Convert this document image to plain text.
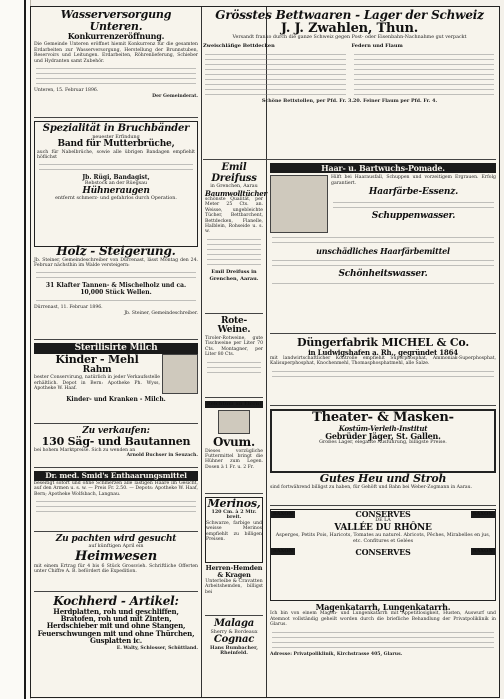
Wasserversorgung Unteren.
Konkurrenzeröffnung.
Die Gemeinde Unteren eröffnet hiemit Konkurrenz für die gesamten Erdarbeiten zur Wasserversorgung, Herstellung der Brunnstuben, Reservoirs und Leitungen. Erdarbeiten, Röhrenlieferung, Schieber und Hydranten samt Zubehör.
Unteren, 15. Februar 1896.
Der Gemeinderat.
Spezialität in Bruchbänder
neuester Erfindung
Band für Mutterbrüche,
auch für Nabelbrüche, sowie alle übrigen Bandagen empfiehlt höflichst
Jb. Rügi, Bandagist,
Rebstock an der Rüegsau
Hühneraugen
entfernt schmerz- und gefahrlos durch Operation.
Holz - Steigerung.
Jb. Steiner, Gemeindeschreiber von Dürrenast, lässt Montag den 24. Februar nächsthin im Walde versteigern:
31 Klafter Tannen- & Mischelholz und ca.
10,000 Stück Wellen.
Dürrenast, 11. Februar 1896.
Jb. Steiner, Gemeindeschreiber.
Sterilisirte Milch
Kinder - Mehl
Rahm
bester Conservirung, natürlich in jeder Verkaufsstelle erhältlich. Depot in Bern: Apotheke Ph. Wyss, Apotheke W. Haaf.
Kinder- und Kranken - Milch.
Zu verkaufen:
130 Säg- und Bautannen
bei hohem Marktpreise. Sich zu wenden an
Arnold Buchser in Seuzach.
Dr. med. Smid's Enthaarungsmittel
beseitigt sofort und ohne Schmerzen alle lästigen Haare im Gesicht, auf den Armen u. s. w. — Preis Fr. 2.50. — Depots: Apotheke W. Haaf, Bern; Apotheke Wolfsbach, Langnau.
Zu pachten wird gesucht
auf künftigen April ein
Heimwesen
mit einem Ertrag für 4 bis 6 Stück Grossvieh. Schriftliche Offerten unter Chiffre A. B. befördert die Expedition.
Kochherd - Artikel:
Herdplatten, roh und geschliffen,
Bratofen, roh und mit Zinten,
Herdschieber mit und ohne Stangen,
Feuerschwungen mit und ohne Thürchen,
Gusplatten ic.
E. Walty, Schlosser, Schüttland.
Emil Dreifuss
in Grenchen, Aarau
Baumwolltücher
schönste Qualität, per Meter 25 Cts. an. Weisse, ungebleichte Tücher, Bettbarchent, Bettdecken, Flanelle, Halblein, Rohseide u. s. w.
Emil Dreifuss in Grenchen, Aarau.
Rote-Weine.
Tiroler-Rotweine, gute Tischweine per Liter 70 Cts. Montagner, per Liter 80 Cts.
Reichtum an Eiern!
Ovum.
Dieses vorzügliche Futtermittel bringt die Hühner zum Legen. Dosen à 1 Fr. u. 2 Fr.
Merinos,
120 Cm. à 2 Mtr. breit.
Schwarze, farbige und weisse Merinos empfiehlt zu billigen Preisen.
Herren-Hemden & Kragen
Unterleibe & Cravatten
Arbeitshemden, billigst bei
Malaga
Sherry & Bordeaux
Cognac
Hans Bumbacher, Rheinfeld.
Grösstes Bettwaaren - Lager der Schweiz
J. J. Zwahlen, Thun.
Versandt franko durch die ganze Schweiz gegen Post- oder Eisenbahn-Nachnahme gut verpackt
Zweischläfige Bettdecken	Federn und Flaum
Schöne Bettstollen, per Pfd. Fr. 3.20. Feiner Flaum per Pfd. Fr. 4.
Haar- u. Bartwuchs-Pomade.
Hilft bei Haarausfall, Schuppen und vorzeitigem Ergrauen. Erfolg garantiert.
Haarfärbe-Essenz.
Schuppenwasser.
unschädliches Haarfärbemittel
Schönheitswasser.
Düngerfabrik MICHEL & Co.
in Ludwigshafen a. Rh., gegründet 1864
mit landwirtschaftlicher Kontrolle empfiehlt Superphosphat, Ammoniak-Superphosphat, Kalisuperphosphat, Knochenmehl, Thomasphosphatmehl, alle Salze.
Theater- & Masken-
Kostüm-Verleih-Institut
Gebrüder Jäger, St. Gallen.
Großes Lager, elegante Ausführung, billigste Preise.
Gutes Heu und Stroh
sind fortwährend billigst zu haben, für Gehöft und Bahn bei Weber-Zogmann in Aarau.
SAXON	CONSERVES	SAXON
DE LA
VALLÉE DU RHÔNE
Asperges, Petits Pois, Haricots, Tomates au naturel. Abricots, Pêches, Mirabelles en jus, etc. Confitures et Gelées
SAXON	CONSERVES	SAXON
Magenkatarrh, Lungenkatarrh.
Ich bin von einem Magen- und Lungenkatarrh mit Appetitlosigkeit, Husten, Auswurf und Atemnot vollständig geheilt worden durch die briefliche Behandlung der Privatpoliklinik in Glarus.
Adresse: Privatpoliklinik, Kirchstrasse 405, Glarus.
